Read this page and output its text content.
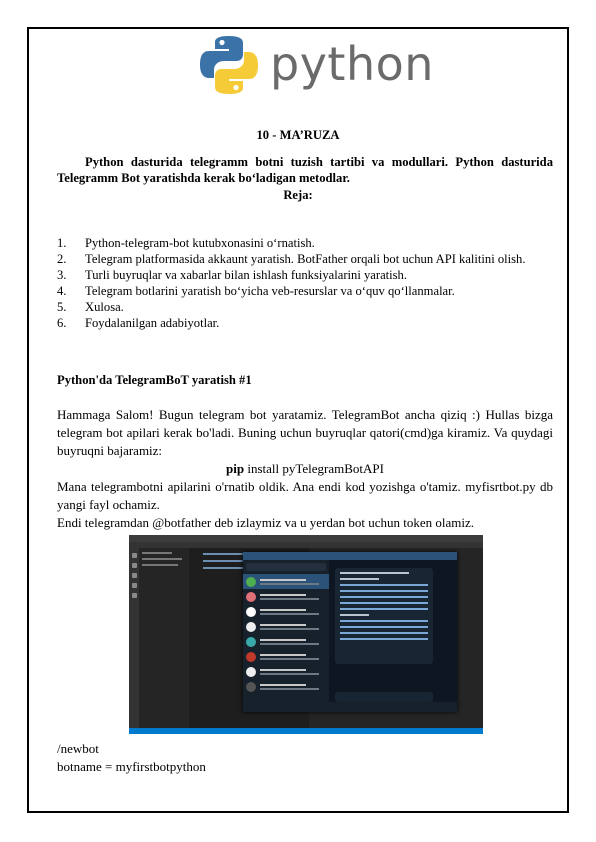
python
10 - MA’RUZA
Python dasturida telegramm botni tuzish tartibi va modullari. Python dasturida Telegramm Bot yaratishda kerak bo‘ladigan metodlar.
Reja:
1.	Python-telegram-bot kutubxonasini o‘rnatish.
2.	Telegram platformasida akkaunt yaratish. BotFather orqali bot uchun API kalitini olish.
3.	Turli buyruqlar va xabarlar bilan ishlash funksiyalarini yaratish.
4.	Telegram botlarini yaratish bo‘yicha veb-resurslar va o‘quv qo‘llanmalar.
5.	Xulosa.
6.	Foydalanilgan adabiyotlar.
Python'da TelegramBoT yaratish #1
Hammaga Salom! Bugun telegram bot yaratamiz. TelegramBot ancha qiziq :) Hullas bizga telegram bot apilari kerak bo'ladi. Buning uchun buyruqlar qatori(cmd)ga kiramiz. Va quydagi buyruqni bajaramiz:
pip install pyTelegramBotAPI
Mana telegrambotni apilarini o'rnatib oldik. Ana endi kod yozishga o'tamiz. myfisrtbot.py db yangi fayl ochamiz.
Endi telegramdan @botfather deb izlaymiz va u yerdan bot uchun token olamiz.
/newbot
botname = myfirstbotpython
